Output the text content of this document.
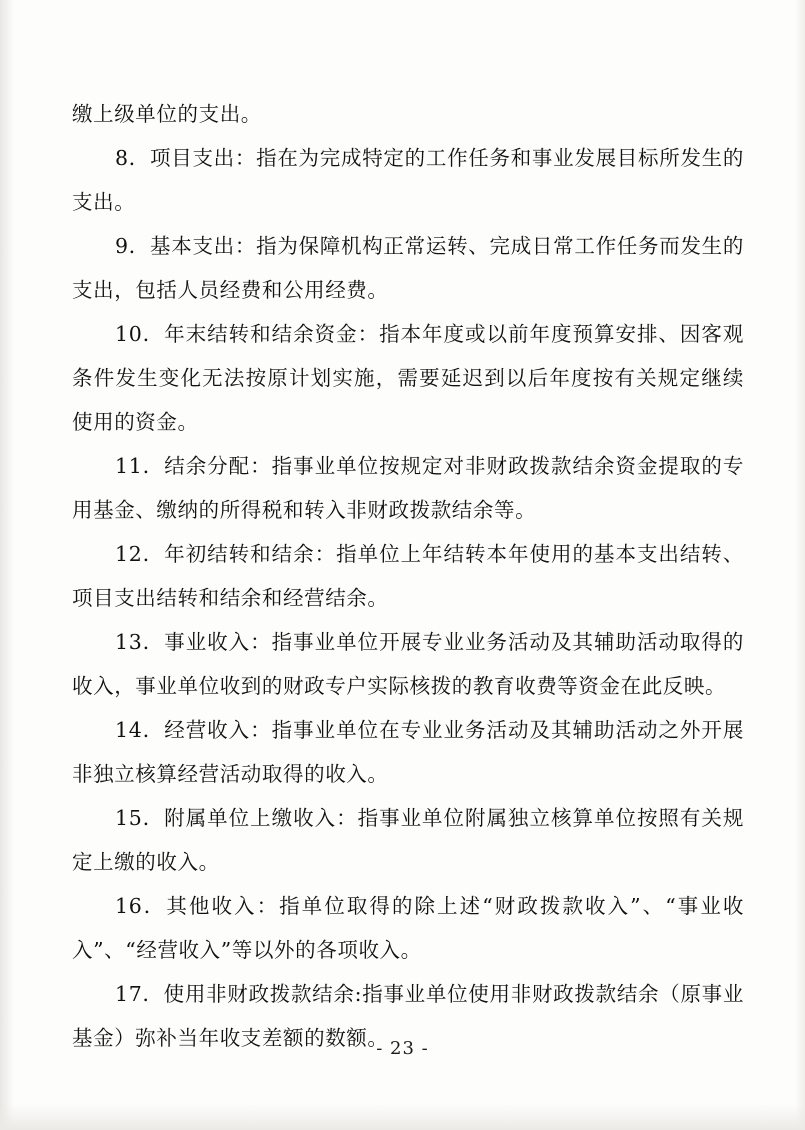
缴上级单位的支出。

8．项目支出：指在为完成特定的工作任务和事业发展目标所发生的支出。

9．基本支出：指为保障机构正常运转、完成日常工作任务而发生的支出，包括人员经费和公用经费。

10．年末结转和结余资金：指本年度或以前年度预算安排、因客观条件发生变化无法按原计划实施，需要延迟到以后年度按有关规定继续使用的资金。

11．结余分配：指事业单位按规定对非财政拨款结余资金提取的专用基金、缴纳的所得税和转入非财政拨款结余等。

12．年初结转和结余：指单位上年结转本年使用的基本支出结转、项目支出结转和结余和经营结余。

13．事业收入：指事业单位开展专业业务活动及其辅助活动取得的收入，事业单位收到的财政专户实际核拨的教育收费等资金在此反映。

14．经营收入：指事业单位在专业业务活动及其辅助活动之外开展非独立核算经营活动取得的收入。

15．附属单位上缴收入：指事业单位附属独立核算单位按照有关规定上缴的收入。

16．其他收入：指单位取得的除上述“财政拨款收入”、“事业收入”、“经营收入”等以外的各项收入。

17．使用非财政拨款结余:指事业单位使用非财政拨款结余（原事业基金）弥补当年收支差额的数额。

- 23 -
